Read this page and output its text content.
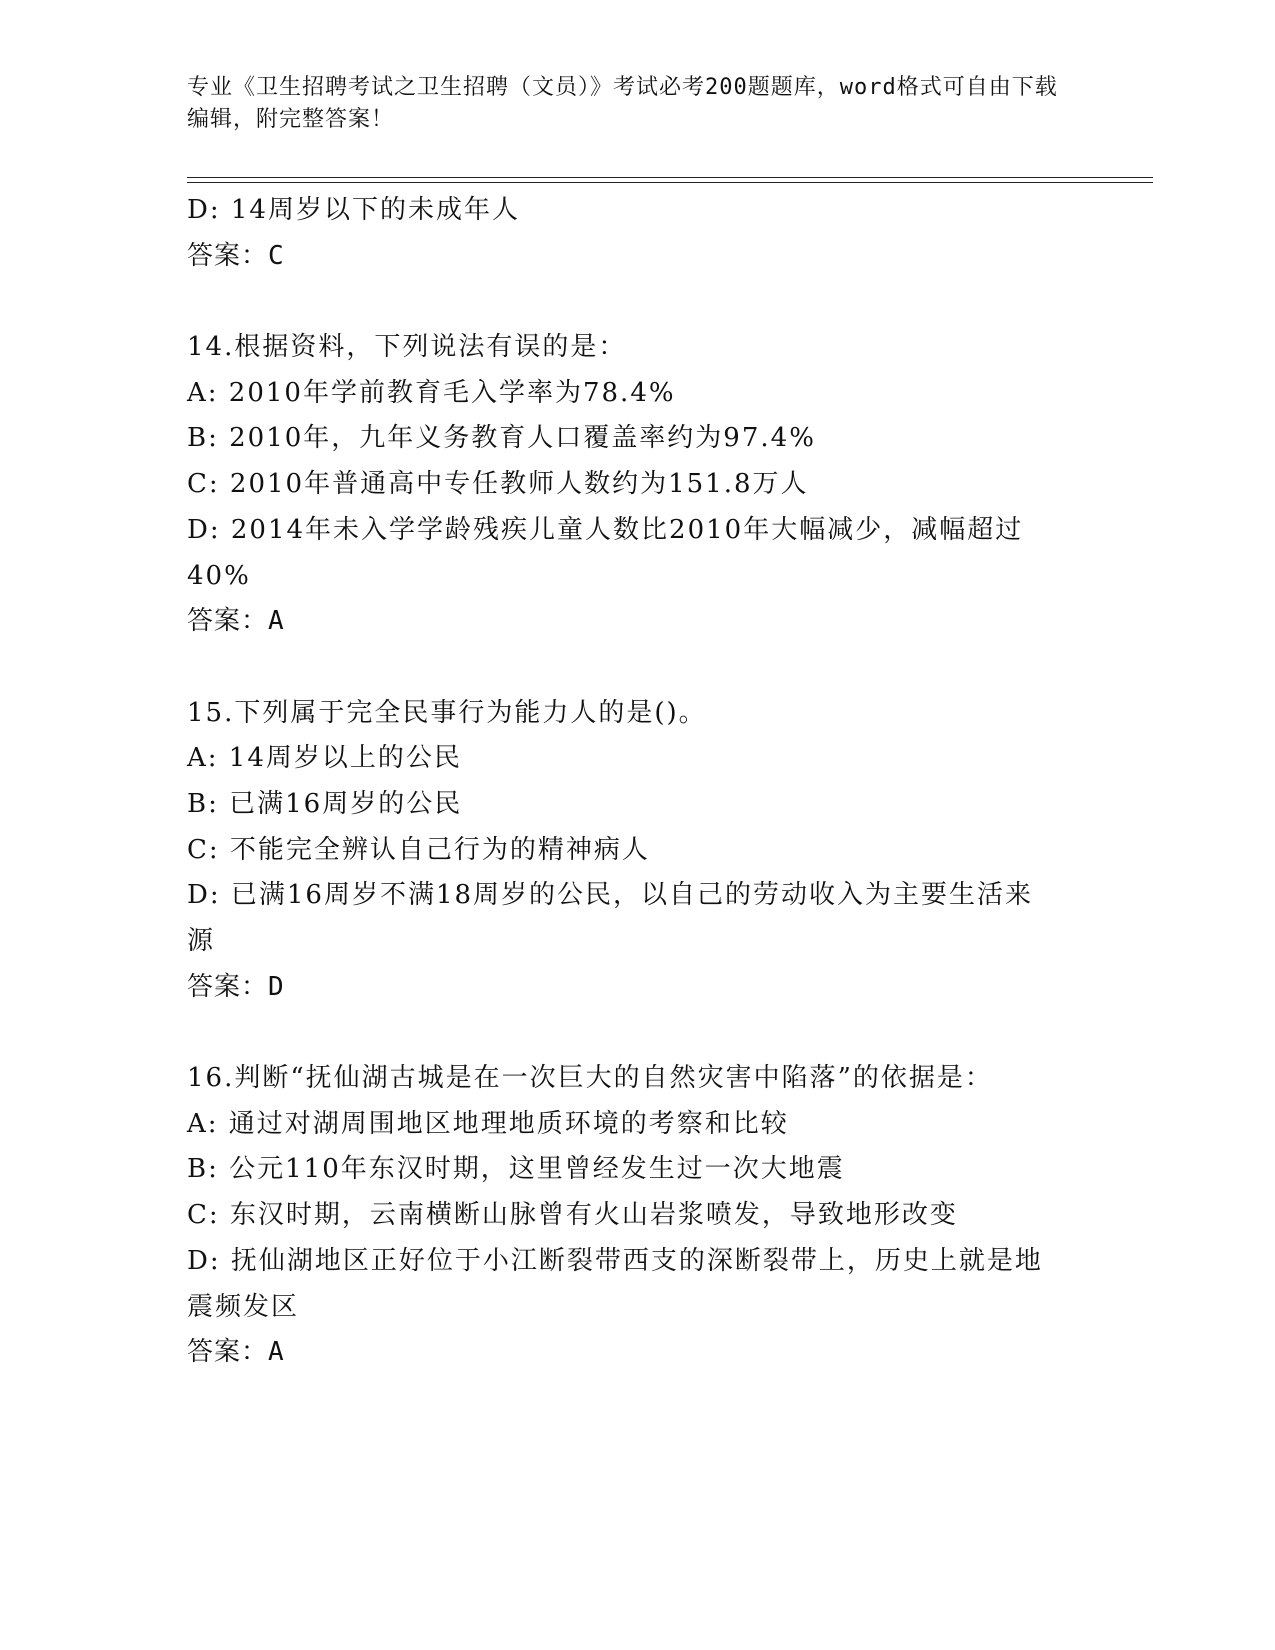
专业《卫生招聘考试之卫生招聘（文员）》考试必考200题题库，word格式可自由下载编辑，附完整答案！
D: 14周岁以下的未成年人
答案：C
14.根据资料，下列说法有误的是：
A: 2010年学前教育毛入学率为78.4%
B: 2010年，九年义务教育人口覆盖率约为97.4%
C: 2010年普通高中专任教师人数约为151.8万人
D: 2014年未入学学龄残疾儿童人数比2010年大幅减少，减幅超过
40%
答案：A
15.下列属于完全民事行为能力人的是()。
A: 14周岁以上的公民
B: 已满16周岁的公民
C: 不能完全辨认自己行为的精神病人
D: 已满16周岁不满18周岁的公民，以自己的劳动收入为主要生活来
源
答案：D
16.判断“抚仙湖古城是在一次巨大的自然灾害中陷落”的依据是：
A: 通过对湖周围地区地理地质环境的考察和比较
B: 公元110年东汉时期，这里曾经发生过一次大地震
C: 东汉时期，云南横断山脉曾有火山岩浆喷发，导致地形改变
D: 抚仙湖地区正好位于小江断裂带西支的深断裂带上，历史上就是地
震频发区
答案：A
